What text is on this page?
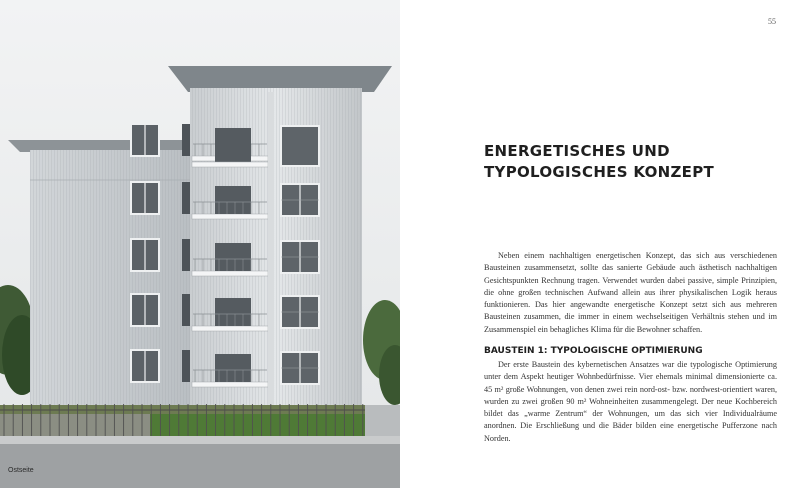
Ostseite
55
ENERGETISCHES UND
TYPOLOGISCHES KONZEPT

Neben einem nachhaltigen energetischen Konzept, das sich aus verschiedenen Bausteinen zusammensetzt, sollte das sanierte Gebäude auch ästhetisch nachhaltigen Gesichtspunkten Rechnung tragen. Verwendet wurden dabei passive, simple Prinzipien, die ohne großen technischen Aufwand allein aus ihrer physikalischen Logik heraus funktionieren. Das hier angewandte energetische Konzept setzt sich aus mehreren Bausteinen zusammen, die immer in einem wechselseitigen Verhältnis stehen und im Zusammenspiel ein behagliches Klima für die Bewohner schaffen.

BAUSTEIN 1: TYPOLOGISCHE OPTIMIERUNG

Der erste Baustein des kybernetischen Ansatzes war die typologische Optimierung unter dem Aspekt heutiger Wohnbedürfnisse. Vier ehemals minimal dimensionierte ca. 45 m² große Wohnungen, von denen zwei rein nord-ost- bzw. nordwest-orientiert waren, wurden zu zwei großen 90 m² Wohneinheiten zusammengelegt. Der neue Kochbereich bildet das „warme Zentrum“ der Wohnungen, um das sich vier Individualräume anordnen. Die Erschließung und die Bäder bilden eine energetische Pufferzone nach Norden.
